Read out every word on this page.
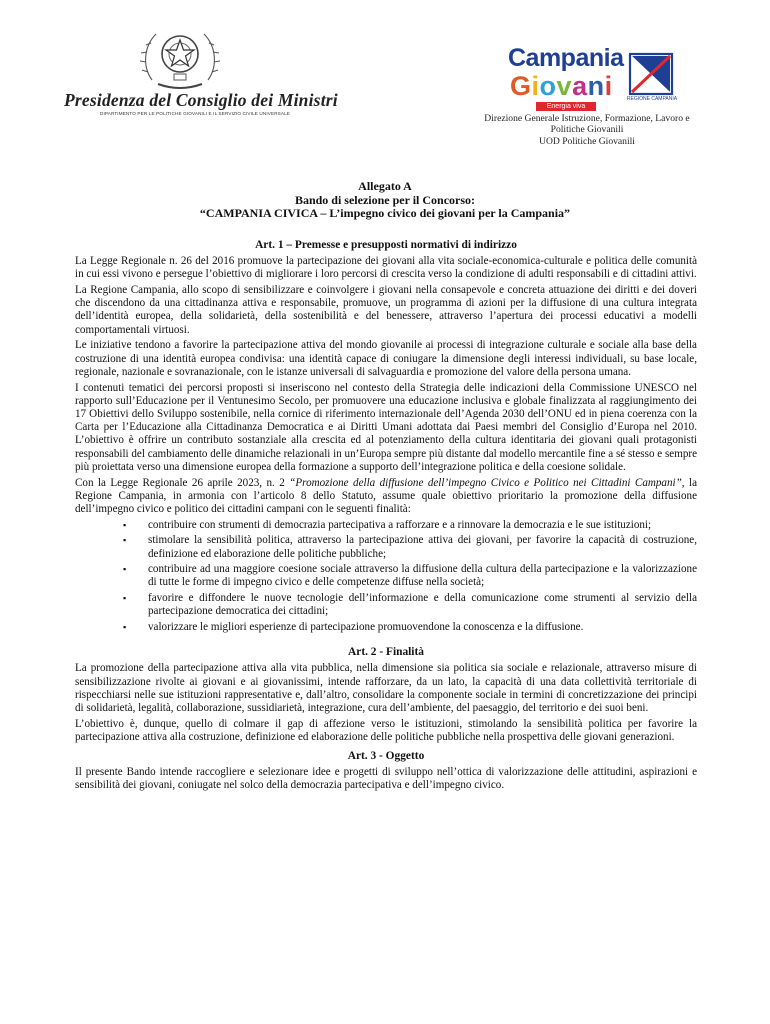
Presidenza del Consiglio dei Ministri
DIPARTIMENTO PER LE POLITICHE GIOVANILI E IL SERVIZIO CIVILE UNIVERSALE
Campania
Giovani
Energia viva
REGIONE CAMPANIA
Direzione Generale Istruzione, Formazione, Lavoro e
Politiche Giovanili
UOD Politiche Giovanili
Allegato A
Bando di selezione per il Concorso:
“CAMPANIA CIVICA – L’impegno civico dei giovani per la Campania”
Art. 1 – Premesse e presupposti normativi di indirizzo

La Legge Regionale n. 26 del 2016 promuove la partecipazione dei giovani alla vita sociale-economica-culturale e politica delle comunità in cui essi vivono e persegue l’obiettivo di migliorare i loro percorsi di crescita verso la condizione di adulti responsabili e di cittadini attivi.

La Regione Campania, allo scopo di sensibilizzare e coinvolgere i giovani nella consapevole e concreta attuazione dei diritti e dei doveri che discendono da una cittadinanza attiva e responsabile, promuove, un programma di azioni per la diffusione di una cultura integrata dell’identità europea, della solidarietà, della sostenibilità e del benessere, attraverso l’apertura dei processi educativi a modelli comportamentali virtuosi.

Le iniziative tendono a favorire la partecipazione attiva del mondo giovanile ai processi di integrazione culturale e sociale alla base della costruzione di una identità europea condivisa: una identità capace di coniugare la dimensione degli interessi individuali, su base locale, regionale, nazionale e sovranazionale, con le istanze universali di salvaguardia e promozione del valore della persona umana.

I contenuti tematici dei percorsi proposti si inseriscono nel contesto della Strategia delle indicazioni della Commissione UNESCO nel rapporto sull’Educazione per il Ventunesimo Secolo, per promuovere una educazione inclusiva e globale finalizzata al raggiungimento dei 17 Obiettivi dello Sviluppo sostenibile, nella cornice di riferimento internazionale dell’Agenda 2030 dell’ONU ed in piena coerenza con la Carta per l’Educazione alla Cittadinanza Democratica e ai Diritti Umani adottata dai Paesi membri del Consiglio d’Europa nel 2010. L’obiettivo è offrire un contributo sostanziale alla crescita ed al potenziamento della cultura identitaria dei giovani quali protagonisti responsabili del cambiamento delle dinamiche relazionali in un’Europa sempre più distante dal modello mercantile fine a sé stesso e sempre più proiettata verso una dimensione europea della formazione a supporto dell’integrazione politica e della coesione solidale.

Con la Legge Regionale 26 aprile 2023, n. 2 “Promozione della diffusione dell’impegno Civico e Politico nei Cittadini Campani”, la Regione Campania, in armonia con l’articolo 8 dello Statuto, assume quale obiettivo prioritario la promozione della diffusione dell’impegno civico e politico dei cittadini campani con le seguenti finalità:

▪ contribuire con strumenti di democrazia partecipativa a rafforzare e a rinnovare la democrazia e le sue istituzioni;
▪ stimolare la sensibilità politica, attraverso la partecipazione attiva dei giovani, per favorire la capacità di costruzione, definizione ed elaborazione delle politiche pubbliche;
▪ contribuire ad una maggiore coesione sociale attraverso la diffusione della cultura della partecipazione e la valorizzazione di tutte le forme di impegno civico e delle competenze diffuse nella società;
▪ favorire e diffondere le nuove tecnologie dell’informazione e della comunicazione come strumenti al servizio della partecipazione democratica dei cittadini;
▪ valorizzare le migliori esperienze di partecipazione promuovendone la conoscenza e la diffusione.
Art. 2 - Finalità

La promozione della partecipazione attiva alla vita pubblica, nella dimensione sia politica sia sociale e relazionale, attraverso misure di sensibilizzazione rivolte ai giovani e ai giovanissimi, intende rafforzare, da un lato, la capacità di una data collettività territoriale di rispecchiarsi nelle sue istituzioni rappresentative e, dall’altro, consolidare la componente sociale in termini di concretizzazione dei principi di solidarietà, legalità, collaborazione, sussidiarietà, integrazione, cura dell’ambiente, del paesaggio, del territorio e dei suoi beni.

L’obiettivo è, dunque, quello di colmare il gap di affezione verso le istituzioni, stimolando la sensibilità politica per favorire la partecipazione attiva alla costruzione, definizione ed elaborazione delle politiche pubbliche nella prospettiva delle giovani generazioni.

Art. 3 - Oggetto

Il presente Bando intende raccogliere e selezionare idee e progetti di sviluppo nell’ottica di valorizzazione delle attitudini, aspirazioni e sensibilità dei giovani, coniugate nel solco della democrazia partecipativa e dell’impegno civico.
